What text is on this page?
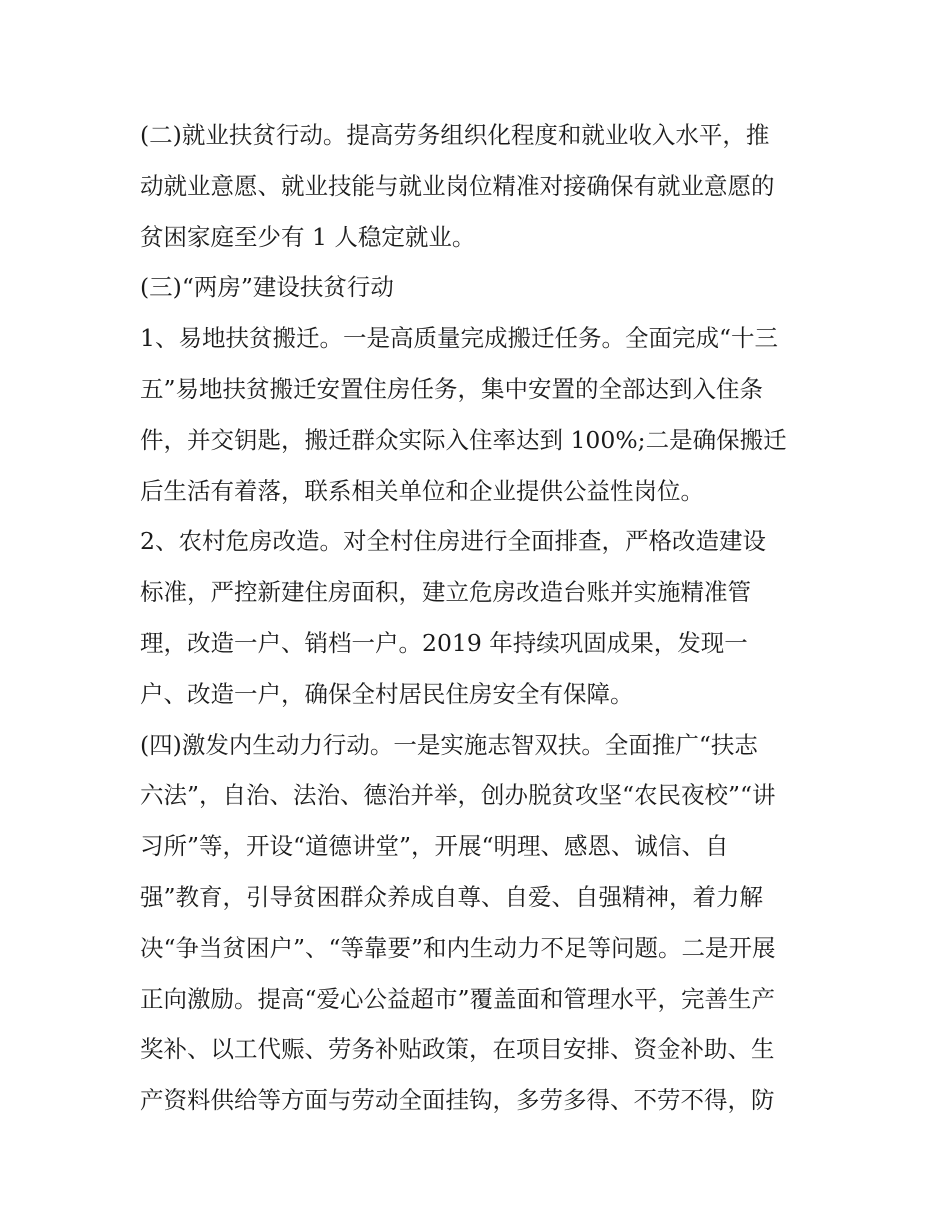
(二)就业扶贫行动。提高劳务组织化程度和就业收入水平，推
动就业意愿、就业技能与就业岗位精准对接确保有就业意愿的
贫困家庭至少有 1 人稳定就业。
(三)“两房”建设扶贫行动
1、易地扶贫搬迁。一是高质量完成搬迁任务。全面完成“十三
五”易地扶贫搬迁安置住房任务，集中安置的全部达到入住条
件，并交钥匙，搬迁群众实际入住率达到 100%;二是确保搬迁
后生活有着落，联系相关单位和企业提供公益性岗位。
2、农村危房改造。对全村住房进行全面排查，严格改造建设
标准，严控新建住房面积，建立危房改造台账并实施精准管
理，改造一户、销档一户。2019 年持续巩固成果，发现一
户、改造一户，确保全村居民住房安全有保障。
(四)激发内生动力行动。一是实施志智双扶。全面推广“扶志
六法”，自治、法治、德治并举，创办脱贫攻坚“农民夜校”“讲
习所”等，开设“道德讲堂”，开展“明理、感恩、诚信、自
强”教育，引导贫困群众养成自尊、自爱、自强精神，着力解
决“争当贫困户”、“等靠要”和内生动力不足等问题。二是开展
正向激励。提高“爱心公益超市”覆盖面和管理水平，完善生产
奖补、以工代赈、劳务补贴政策，在项目安排、资金补助、生
产资料供给等方面与劳动全面挂钩，多劳多得、不劳不得，防
